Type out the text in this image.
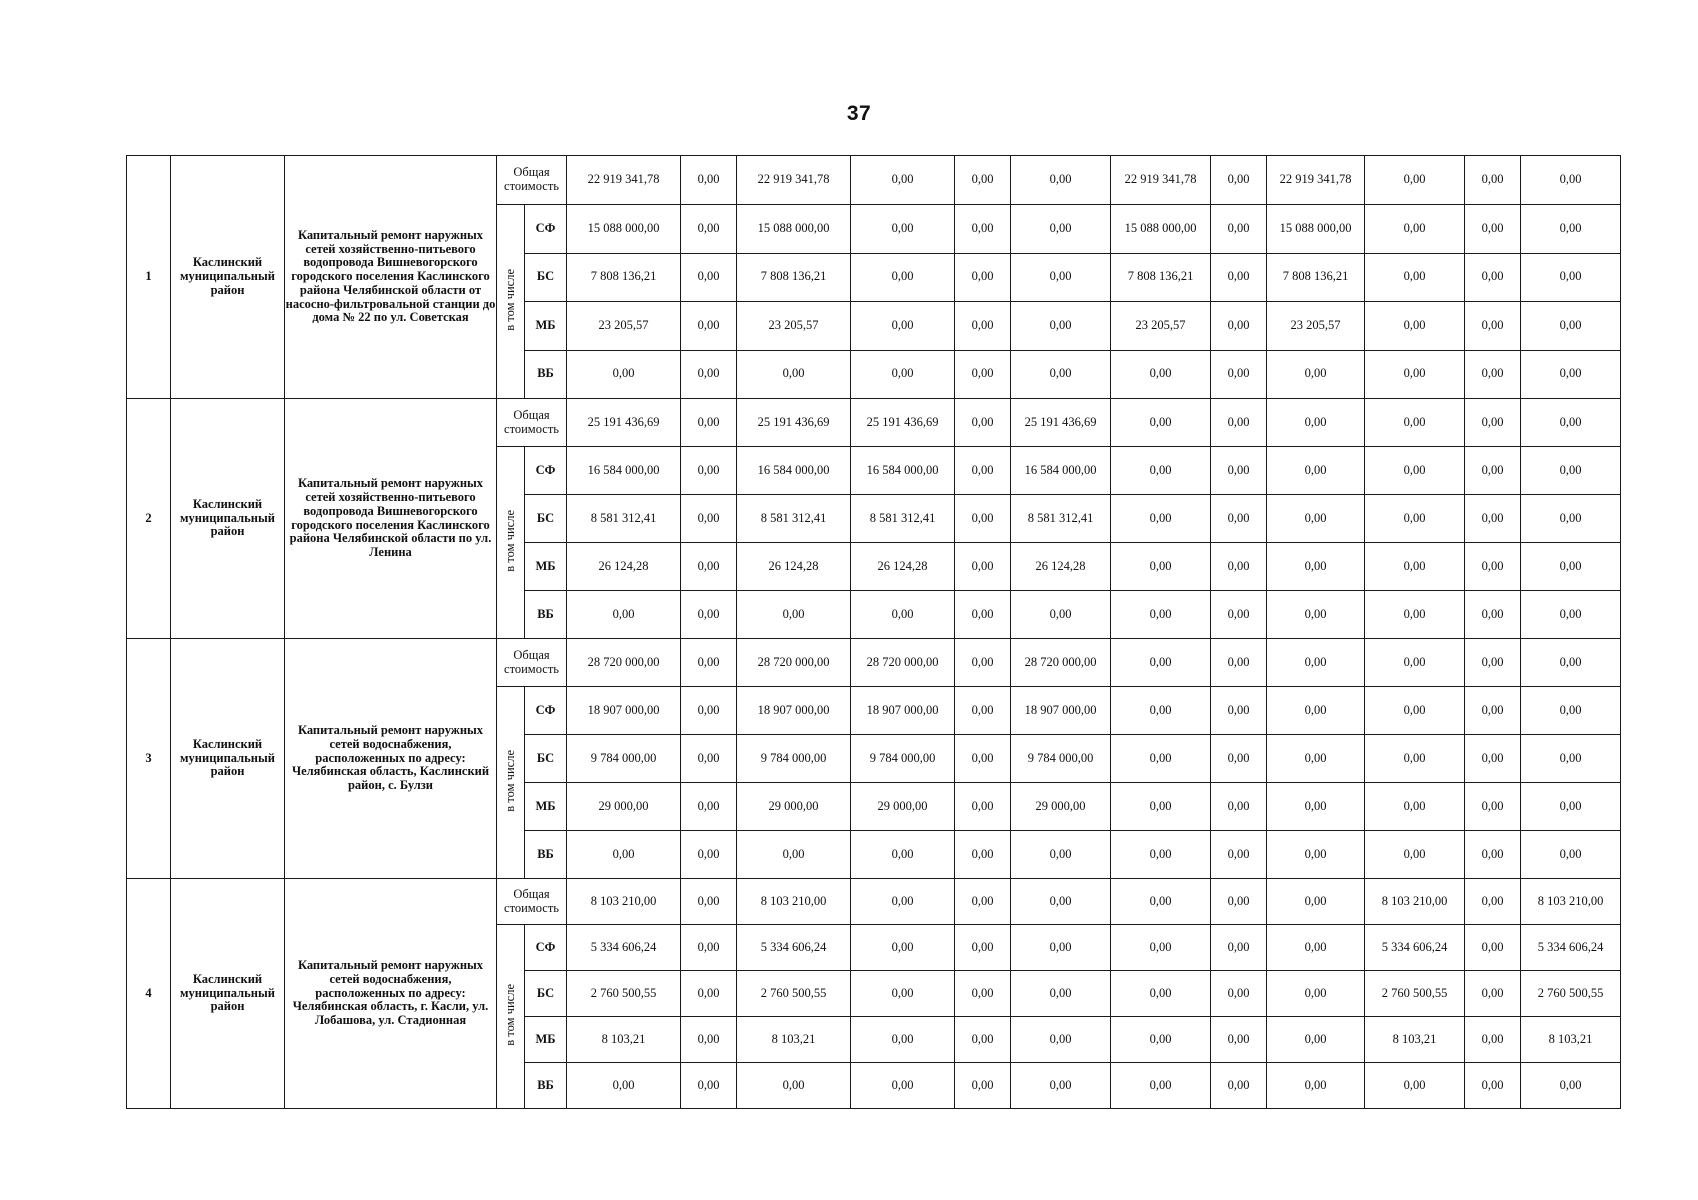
37
1	Каслинский муниципальный район	Капитальный ремонт наружных сетей хозяйственно-питьевого водопровода Вишневогорского городского поселения Каслинского района Челябинской области от насосно-фильтровальной станции до дома № 22 по ул. Советская	Общая стоимость		22 919 341,78	0,00	22 919 341,78	0,00	0,00	0,00	22 919 341,78	0,00	22 919 341,78	0,00	0,00	0,00
			в том числе	СФ	15 088 000,00	0,00	15 088 000,00	0,00	0,00	0,00	15 088 000,00	0,00	15 088 000,00	0,00	0,00	0,00
				БС	7 808 136,21	0,00	7 808 136,21	0,00	0,00	0,00	7 808 136,21	0,00	7 808 136,21	0,00	0,00	0,00
				МБ	23 205,57	0,00	23 205,57	0,00	0,00	0,00	23 205,57	0,00	23 205,57	0,00	0,00	0,00
				ВБ	0,00	0,00	0,00	0,00	0,00	0,00	0,00	0,00	0,00	0,00	0,00	0,00
2	Каслинский муниципальный район	Капитальный ремонт наружных сетей хозяйственно-питьевого водопровода Вишневогорского городского поселения Каслинского района Челябинской области по ул. Ленина	Общая стоимость		25 191 436,69	0,00	25 191 436,69	25 191 436,69	0,00	25 191 436,69	0,00	0,00	0,00	0,00	0,00	0,00
			в том числе	СФ	16 584 000,00	0,00	16 584 000,00	16 584 000,00	0,00	16 584 000,00	0,00	0,00	0,00	0,00	0,00	0,00
				БС	8 581 312,41	0,00	8 581 312,41	8 581 312,41	0,00	8 581 312,41	0,00	0,00	0,00	0,00	0,00	0,00
				МБ	26 124,28	0,00	26 124,28	26 124,28	0,00	26 124,28	0,00	0,00	0,00	0,00	0,00	0,00
				ВБ	0,00	0,00	0,00	0,00	0,00	0,00	0,00	0,00	0,00	0,00	0,00	0,00
3	Каслинский муниципальный район	Капитальный ремонт наружных сетей водоснабжения, расположенных по адресу: Челябинская область, Каслинский район, с. Булзи	Общая стоимость		28 720 000,00	0,00	28 720 000,00	28 720 000,00	0,00	28 720 000,00	0,00	0,00	0,00	0,00	0,00	0,00
			в том числе	СФ	18 907 000,00	0,00	18 907 000,00	18 907 000,00	0,00	18 907 000,00	0,00	0,00	0,00	0,00	0,00	0,00
				БС	9 784 000,00	0,00	9 784 000,00	9 784 000,00	0,00	9 784 000,00	0,00	0,00	0,00	0,00	0,00	0,00
				МБ	29 000,00	0,00	29 000,00	29 000,00	0,00	29 000,00	0,00	0,00	0,00	0,00	0,00	0,00
				ВБ	0,00	0,00	0,00	0,00	0,00	0,00	0,00	0,00	0,00	0,00	0,00	0,00
4	Каслинский муниципальный район	Капитальный ремонт наружных сетей водоснабжения, расположенных по адресу: Челябинская область, г. Касли, ул. Лобашова, ул. Стадионная	Общая стоимость		8 103 210,00	0,00	8 103 210,00	0,00	0,00	0,00	0,00	0,00	0,00	8 103 210,00	0,00	8 103 210,00
			в том числе	СФ	5 334 606,24	0,00	5 334 606,24	0,00	0,00	0,00	0,00	0,00	0,00	5 334 606,24	0,00	5 334 606,24
				БС	2 760 500,55	0,00	2 760 500,55	0,00	0,00	0,00	0,00	0,00	0,00	2 760 500,55	0,00	2 760 500,55
				МБ	8 103,21	0,00	8 103,21	0,00	0,00	0,00	0,00	0,00	0,00	8 103,21	0,00	8 103,21
				ВБ	0,00	0,00	0,00	0,00	0,00	0,00	0,00	0,00	0,00	0,00	0,00	0,00
